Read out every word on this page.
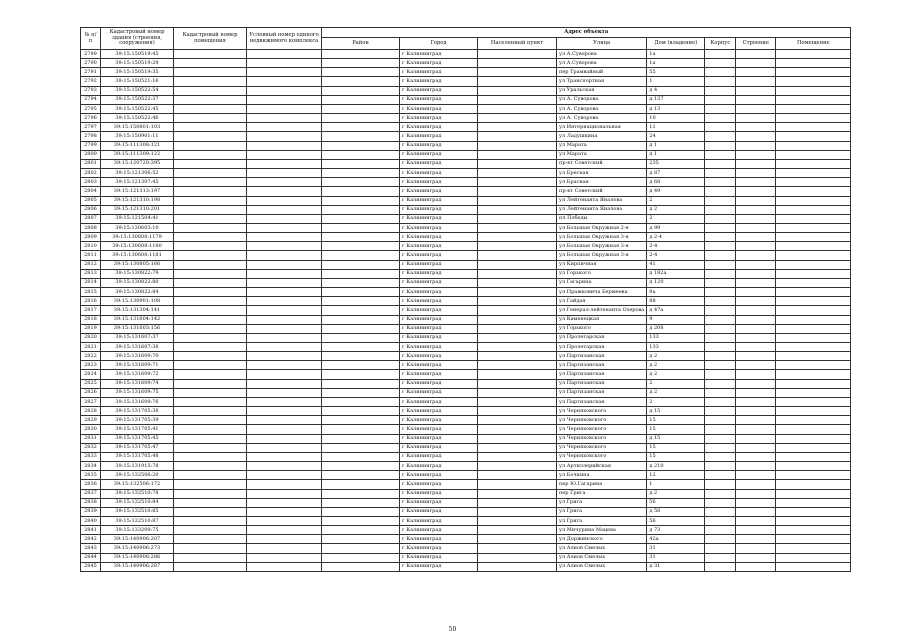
№ п/п	Кадастровый номер здания (строения, сооружения)	Кадастровый номер помещения	Условный номер единого недвижимого комплекса	Адрес объекта							
				Район	Город	Населенный пункт	Улица	Дом (владение)	Корпус	Строение	Помещение
2789	39:15:150519:45				г Калининград		ул А.Суворова	1а			
2790	39:15:150519:29				г Калининград		ул А.Суворова	1а			
2791	39:15:150519:35				г Калининград		пер Трамвайный	55			
2792	39:15:150521:16				г Калининград		ул Транспортная	1			
2793	39:15:150522:54				г Калининград		ул Уральская	д 4			
2794	39:15:150522:37				г Калининград		ул А. Суворова	д 137			
2795	39:15:150522:45				г Калининград		ул А. Суворова	д 13			
2796	39:15:150522:46				г Калининград		ул А. Суворова	10			
2797	39:15:150801:103				г Калининград		ул Интернациональная	11			
2798	39:15:150901:11				г Калининград		ул Ладушкина	24			
2799	39:15:111308:121				г Калининград		ул Марата	д 1			
2800	39:15:111309:122				г Калининград		ул Марата	д 1			
2801	39:15:120720:395				г Калининград		пр-кт Советский	235			
2802	39:15:121306:52				г Калининград		ул Бреская	д 87			
2803	39:15:121307:45				г Калининград		ул Брасная	д 68			
2804	39:15:121313:197				г Калининград		пр-кт Советский	д 49			
2805	39:15:121310:198				г Калининград		ул Лейтенанта Яналова	2			
2806	39:15:121310:201				г Калининград		ул Лейтенанта Яналова	д 2			
2807	39:15:121504:41				г Калининград		пл Победы	2			
2808	39:15:130603:10				г Калининград		ул Большая Окружная 2-я	д 99			
2809	39:15:130608:1179				г Калининград		ул Большая Окружная 3-я	д 2-4			
2810	39:15:130608:1180				г Калининград		ул Большая Окружная 3-я	2-4			
2811	39:15:130608:1181				г Калининград		ул Большая Окружная 3-я	2-4			
2812	39:15:130805:166				г Калининград		ул Кирпичная	41			
2813	39:15:130822:79				г Калининград		ул Горького	д 182а			
2814	39:15:130822:80				г Калининград		ул Гагарина	д 120			
2815	39:15:130822:84				г Калининград		ул Пражковича Бермеева	9а			
2816	39:15:130901:108				г Калининград		ул Гайдая	88			
2817	39:15:131304:141				г Калининград		ул Генерал-лейтенанта Озерова	д 47а			
2818	39:15:131604:142				г Калининград		ул Каменецкая	9			
2819	39:15:131603:156				г Калининград		ул Горького	д 208			
2820	39:15:131607:37				г Калининград		ул Пролетарская	133			
2821	39:15:131607:38				г Калининград		ул Пролетарская	133			
2822	39:15:131609:70				г Калининград		ул Партизанская	д 2			
2823	39:15:131609:71				г Калининград		ул Партизанская	д 2			
2824	39:15:131609:72				г Калининград		ул Партизанская	д 2			
2825	39:15:131609:74				г Калининград		ул Партизанская	2			
2826	39:15:131609:75				г Калининград		ул Партизанская	д 2			
2827	39:15:131609:76				г Калининград		ул Партизанская	2			
2828	39:15:131705:38				г Калининград		ул Черняховского	д 15			
2829	39:15:131705:39				г Калининград		ул Черняховского	15			
2830	39:15:131705:41				г Калининград		ул Черняховского	15			
2831	39:15:131705:45				г Калининград		ул Черняховского	д 15			
2832	39:15:131705:47				г Калининград		ул Черняховского	15			
2833	39:15:131705:48				г Калининград		ул Черняховского	15			
2834	39:15:131915:78				г Калининград		ул Артиллерийская	д 210			
2835	39:15:132506:20				г Калининград		ул Бочкина	12			
2836	39:15:132506:172				г Калининград		пер Ю.Гагарина	1			
2837	39:15:132510:78				г Калининград		пер Грига	д 2			
2838	39:15:132510:84				г Калининград		ул Грига	56			
2839	39:15:132510:85				г Калининград		ул Грига	д 56			
2840	39:15:132510:87				г Калининград		ул Грига	56			
2841	39:15:133209:75				г Калининград		ул Мичурина Мацева	д 73			
2842	39:15:140906:207				г Калининград		ул Доржинского	42а			
2843	39:15:140906:273				г Калининград		ул Алиов Смелых	31			
2844	39:15:140906:286				г Калининград		ул Алиов Смелых	31			
2845	39:15:140906:287				г Калининград		ул Алиов Смелых	д 31			
50
